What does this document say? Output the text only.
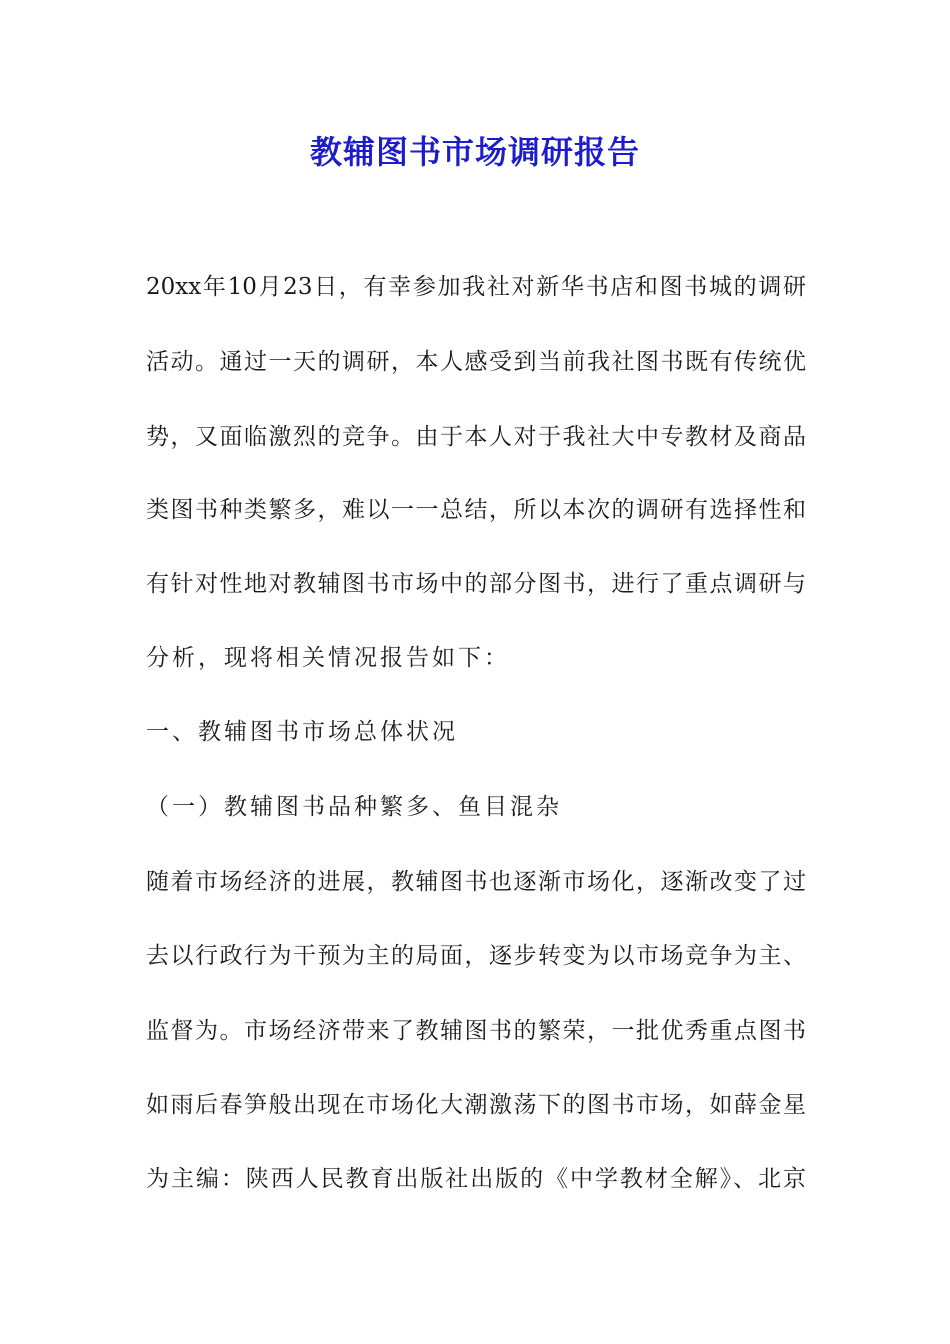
教辅图书市场调研报告
20xx年10月23日，有幸参加我社对新华书店和图书城的调研
活动。通过一天的调研，本人感受到当前我社图书既有传统优
势，又面临激烈的竞争。由于本人对于我社大中专教材及商品
类图书种类繁多，难以一一总结，所以本次的调研有选择性和
有针对性地对教辅图书市场中的部分图书，进行了重点调研与
分析，现将相关情况报告如下：
一、教辅图书市场总体状况
（一）教辅图书品种繁多、鱼目混杂
随着市场经济的进展，教辅图书也逐渐市场化，逐渐改变了过
去以行政行为干预为主的局面，逐步转变为以市场竞争为主、
监督为。市场经济带来了教辅图书的繁荣，一批优秀重点图书
如雨后春笋般出现在市场化大潮激荡下的图书市场，如薛金星
为主编：陕西人民教育出版社出版的《中学教材全解》、北京
